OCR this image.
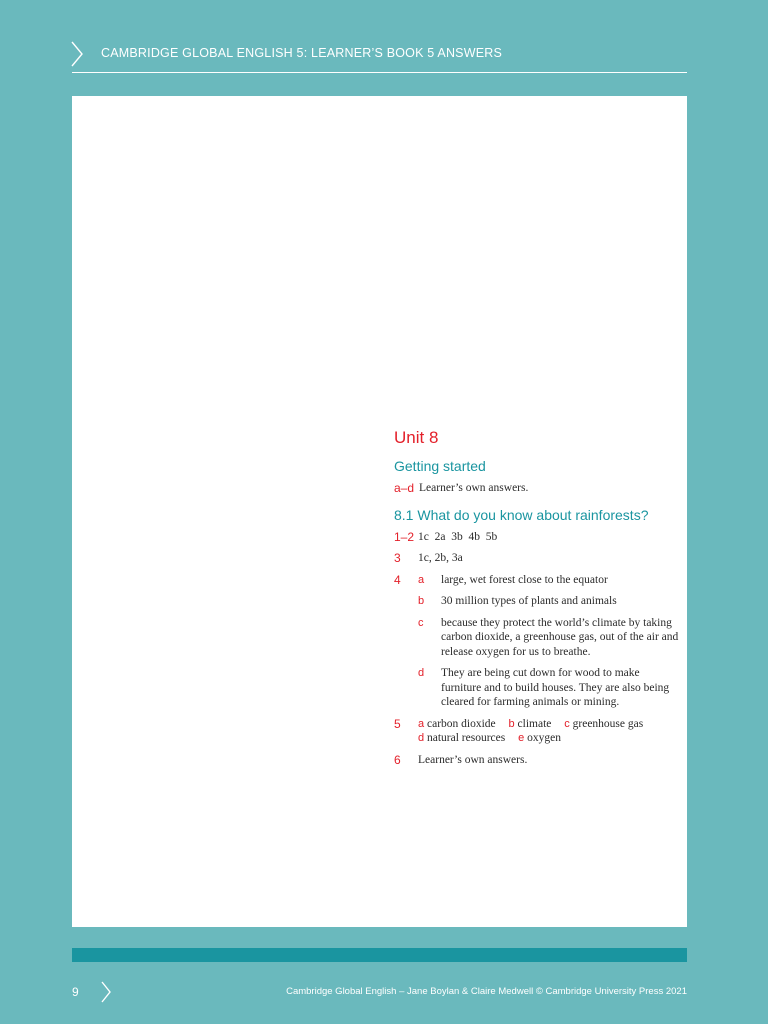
CAMBRIDGE GLOBAL ENGLISH 5: LEARNER’S BOOK 5 ANSWERS
Unit 8
Getting started
a–d Learner’s own answers.
8.1 What do you know about rainforests?
1–2 1c  2a  3b  4b  5b
3	1c, 2b, 3a
4	a	large, wet forest close to the equator
b	30 million types of plants and animals
c	because they protect the world’s climate by taking carbon dioxide, a greenhouse gas, out of the air and release oxygen for us to breathe.
d	They are being cut down for wood to make furniture and to build houses. They are also being cleared for farming animals or mining.
5	a carbon dioxide b climate c greenhouse gas
d natural resources e oxygen
6	Learner’s own answers.
9	Cambridge Global English – Jane Boylan & Claire Medwell © Cambridge University Press 2021
